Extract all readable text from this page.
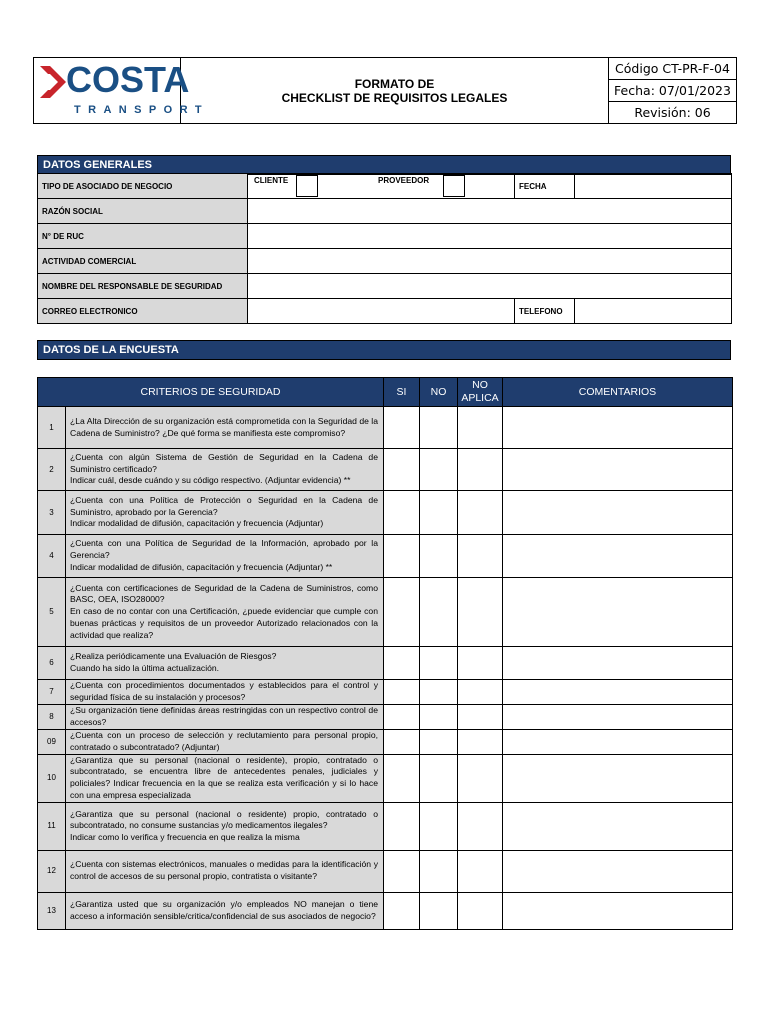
COSTA
TRANSPORT
FORMATO DE
CHECKLIST DE REQUISITOS LEGALES
Código CT-PR-F-04
Fecha: 07/01/2023
Revisión: 06
DATOS GENERALES
TIPO DE ASOCIADO DE NEGOCIO	CLIENTE PROVEEDOR	FECHA	
RAZÓN SOCIAL			
N° DE RUC			
ACTIVIDAD COMERCIAL			
NOMBRE DEL RESPONSABLE DE SEGURIDAD			
CORREO ELECTRONICO		TELEFONO	
DATOS DE LA ENCUESTA
CRITERIOS DE SEGURIDAD		SI	NO	NO APLICA	COMENTARIOS
1	¿La Alta Dirección de su organización está comprometida con la Seguridad de la Cadena de Suministro? ¿De qué forma se manifiesta este compromiso?				
2	¿Cuenta con algún Sistema de Gestión de Seguridad en la Cadena de Suministro certificado?
Indicar cuál, desde cuándo y su código respectivo. (Adjuntar evidencia) **				
3	¿Cuenta con una Política de Protección o Seguridad en la Cadena de Suministro, aprobado por la Gerencia?
Indicar modalidad de difusión, capacitación y frecuencia (Adjuntar)				
4	¿Cuenta con una Política de Seguridad de la Información, aprobado por la Gerencia?
Indicar modalidad de difusión, capacitación y frecuencia (Adjuntar) **				
5	¿Cuenta con certificaciones de Seguridad de la Cadena de Suministros, como BASC, OEA, ISO28000?
En caso de no contar con una Certificación, ¿puede evidenciar que cumple con buenas prácticas y requisitos de un proveedor Autorizado relacionados con la actividad que realiza?				
6	¿Realiza periódicamente una Evaluación de Riesgos?
Cuando ha sido la última actualización.				
7	¿Cuenta con procedimientos documentados y establecidos para el control y seguridad física de su instalación y procesos?				
8	¿Su organización tiene definidas áreas restringidas con un respectivo control de accesos?				
09	¿Cuenta con un proceso de selección y reclutamiento para personal propio, contratado o subcontratado? (Adjuntar)				
10	¿Garantiza que su personal (nacional o residente), propio, contratado o subcontratado, se encuentra libre de antecedentes penales, judiciales y policiales? Indicar frecuencia en la que se realiza esta verificación y si lo hace con una empresa especializada				
11	¿Garantiza que su personal (nacional o residente) propio, contratado o subcontratado, no consume sustancias y/o medicamentos ilegales?
Indicar como lo verifica y frecuencia en que realiza la misma				
12	¿Cuenta con sistemas electrónicos, manuales o medidas para la identificación y control de accesos de su personal propio, contratista o visitante?				
13	¿Garantiza usted que su organización y/o empleados NO manejan o tiene acceso a información sensible/critica/confidencial de sus asociados de negocio?				
